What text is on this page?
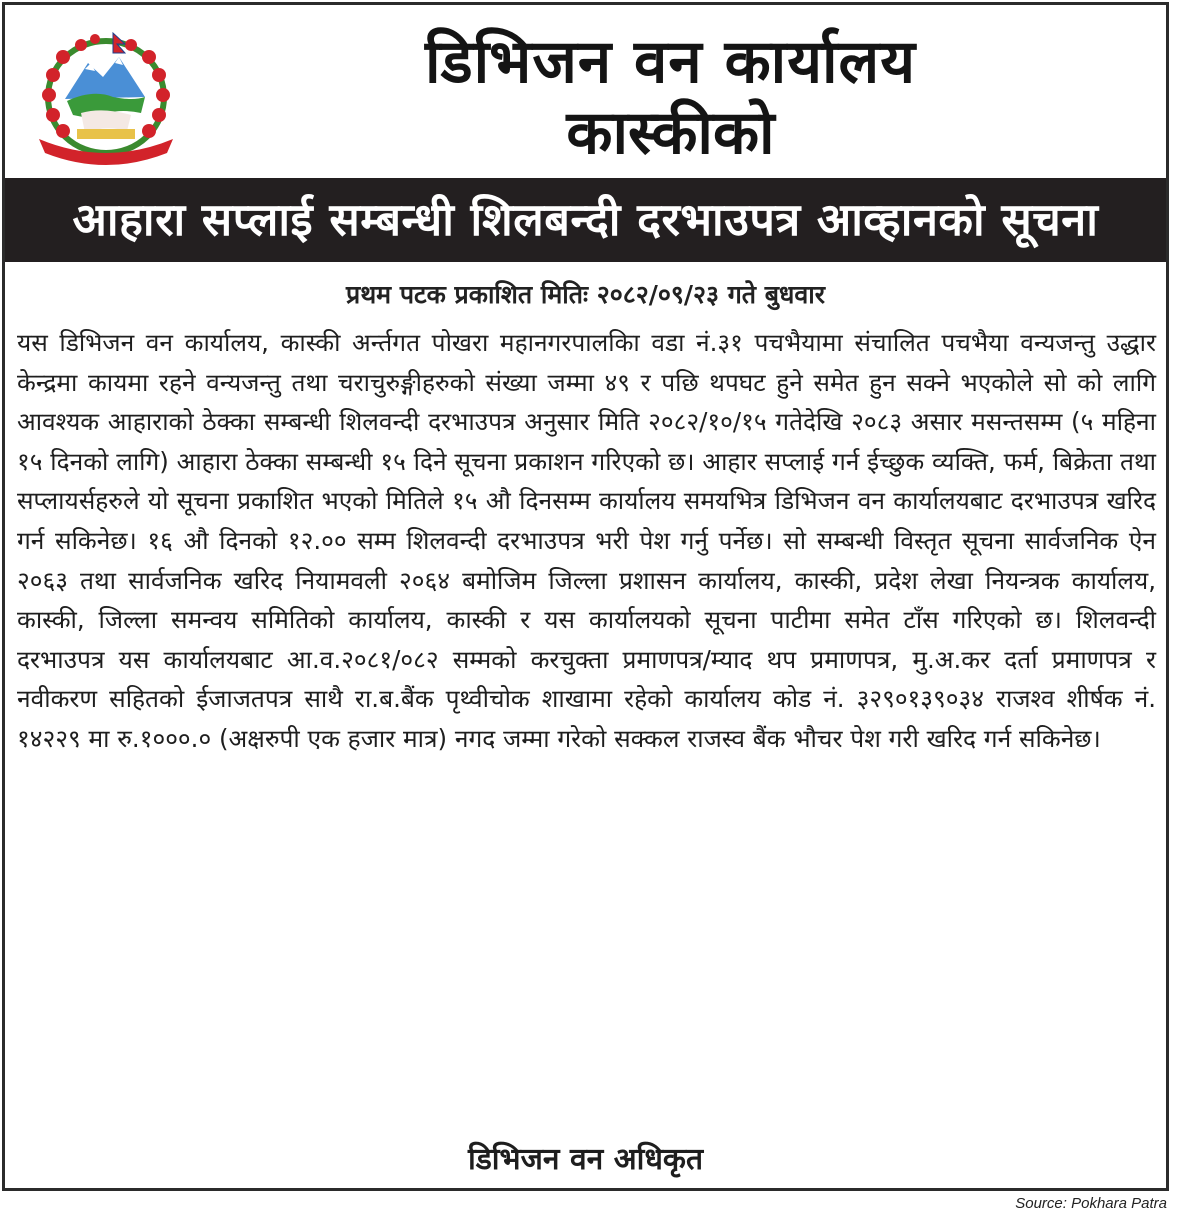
डिभिजन वन कार्यालय
कास्कीको
आहारा सप्लाई सम्बन्धी शिलबन्दी दरभाउपत्र आव्हानको सूचना
प्रथम पटक प्रकाशित मितिः २०८२/०९/२३ गते बुधवार

यस डिभिजन वन कार्यालय, कास्की अर्न्तगत पोखरा महानगरपालकिा वडा नं.३१ पचभैयामा संचालित पचभैया वन्यजन्तु उद्धार केन्द्रमा कायमा रहने वन्यजन्तु तथा चराचुरुङ्गीहरुको संख्या जम्मा ४९ र पछि थपघट हुने समेत हुन सक्ने भएकोले सो को लागि आवश्यक आहाराको ठेक्का सम्बन्धी शिलवन्दी दरभाउपत्र अनुसार मिति २०८२/१०/१५ गतेदेखि २०८३ असार मसन्तसम्म (५ महिना १५ दिनको लागि) आहारा ठेक्का सम्बन्धी १५ दिने सूचना प्रकाशन गरिएको छ। आहार सप्लाई गर्न ईच्छुक व्यक्ति, फर्म, बिक्रेता तथा सप्लायर्सहरुले यो सूचना प्रकाशित भएको मितिले १५ औ दिनसम्म कार्यालय समयभित्र डिभिजन वन कार्यालयबाट दरभाउपत्र खरिद गर्न सकिनेछ। १६ औ दिनको १२.०० सम्म शिलवन्दी दरभाउपत्र भरी पेश गर्नु पर्नेछ। सो सम्बन्धी विस्तृत सूचना सार्वजनिक ऐन २०६३ तथा सार्वजनिक खरिद नियामवली २०६४ बमोजिम जिल्ला प्रशासन कार्यालय, कास्की, प्रदेश लेखा नियन्त्रक कार्यालय, कास्की, जिल्ला समन्वय समितिको कार्यालय, कास्की र यस कार्यालयको सूचना पाटीमा समेत टाँस गरिएको छ। शिलवन्दी दरभाउपत्र यस कार्यालयबाट आ.व.२०८१/०८२ सम्मको करचुक्ता प्रमाणपत्र/म्याद थप प्रमाणपत्र, मु.अ.कर दर्ता प्रमाणपत्र र नवीकरण सहितको ईजाजतपत्र साथै रा.ब.बैंक पृथ्वीचोक शाखामा रहेको कार्यालय कोड नं. ३२९०१३९०३४ राजश्व शीर्षक नं. १४२२९ मा रु.१०००.० (अक्षरुपी एक हजार मात्र) नगद जम्मा गरेको सक्कल राजस्व बैंक भौचर पेश गरी खरिद गर्न सकिनेछ।

डिभिजन वन अधिकृत
Source: Pokhara Patra
